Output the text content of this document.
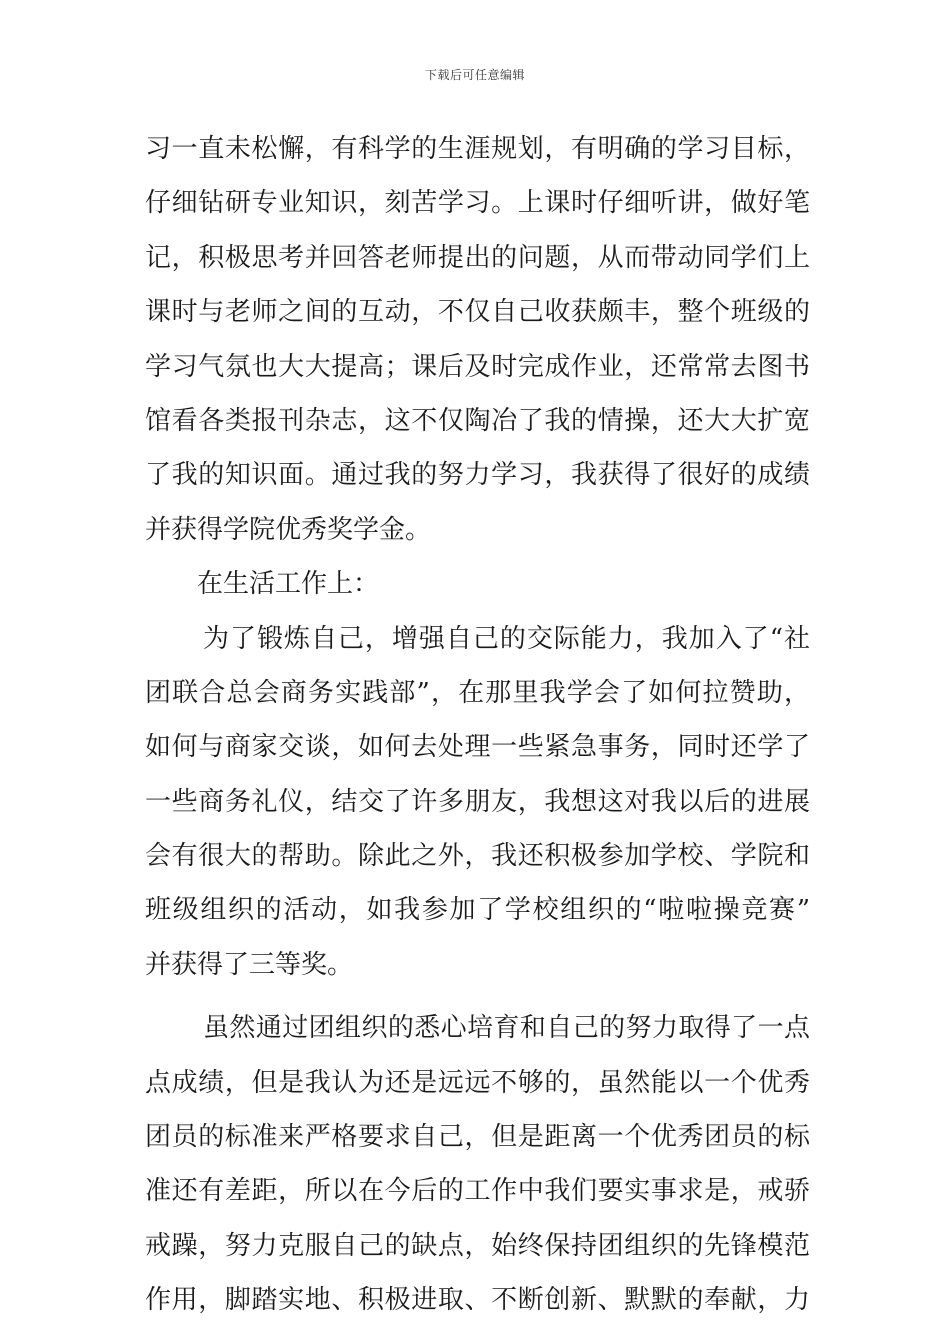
下载后可任意编辑
习一直未松懈，有科学的生涯规划，有明确的学习目标，
仔细钻研专业知识，刻苦学习。上课时仔细听讲，做好笔
记，积极思考并回答老师提出的问题，从而带动同学们上
课时与老师之间的互动，不仅自己收获颇丰，整个班级的
学习气氛也大大提高；课后及时完成作业，还常常去图书
馆看各类报刊杂志，这不仅陶冶了我的情操，还大大扩宽
了我的知识面。通过我的努力学习，我获得了很好的成绩
并获得学院优秀奖学金。
在生活工作上：
为了锻炼自己，增强自己的交际能力，我加入了“社
团联合总会商务实践部”，在那里我学会了如何拉赞助，
如何与商家交谈，如何去处理一些紧急事务，同时还学了
一些商务礼仪，结交了许多朋友，我想这对我以后的进展
会有很大的帮助。除此之外，我还积极参加学校、学院和
班级组织的活动，如我参加了学校组织的“啦啦操竞赛”
并获得了三等奖。
虽然通过团组织的悉心培育和自己的努力取得了一点
点成绩，但是我认为还是远远不够的，虽然能以一个优秀
团员的标准来严格要求自己，但是距离一个优秀团员的标
准还有差距，所以在今后的工作中我们要实事求是，戒骄
戒躁，努力克服自己的缺点，始终保持团组织的先锋模范
作用，脚踏实地、积极进取、不断创新、默默的奉献，力
